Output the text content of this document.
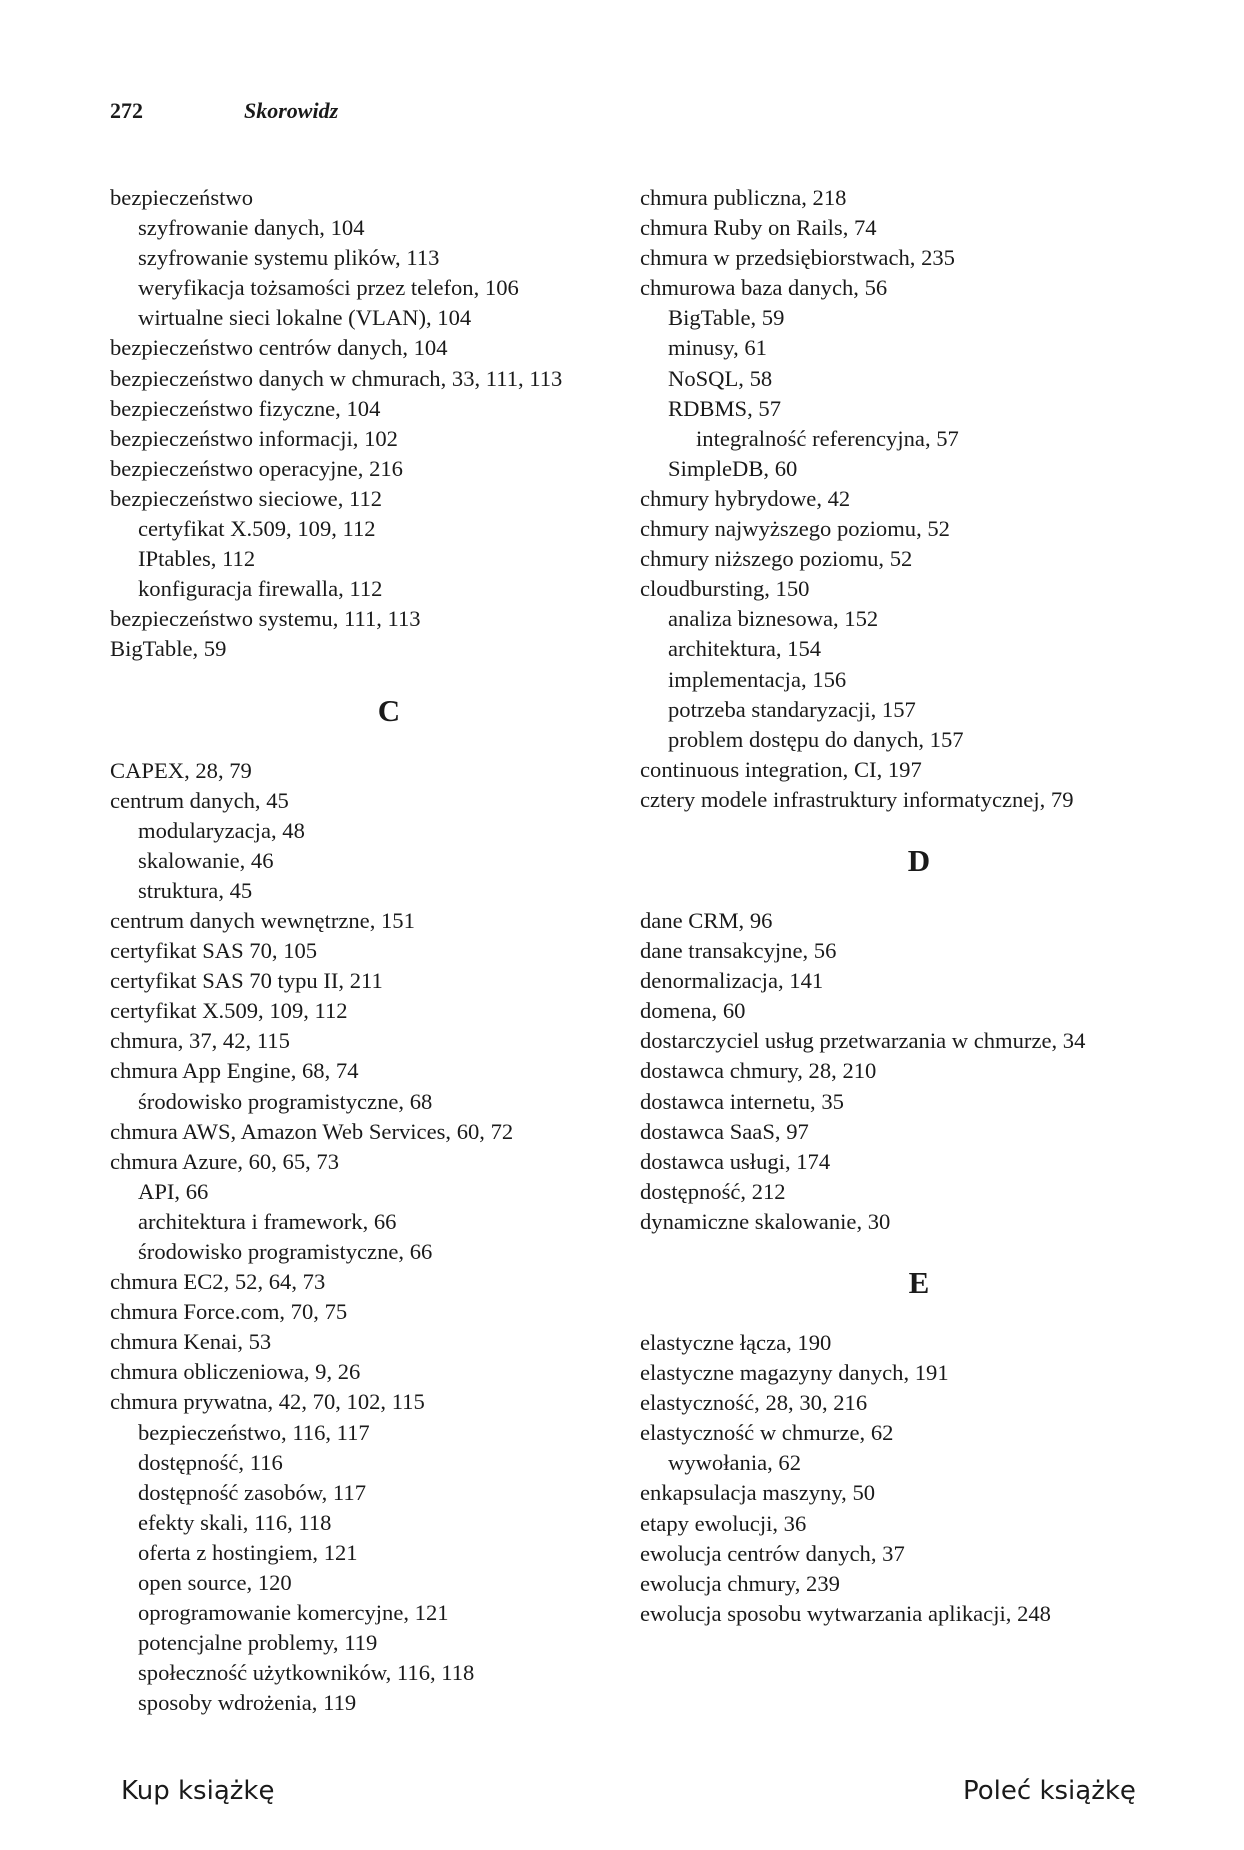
272	Skorowidz
bezpieczeństwo
szyfrowanie danych, 104
szyfrowanie systemu plików, 113
weryfikacja tożsamości przez telefon, 106
wirtualne sieci lokalne (VLAN), 104
bezpieczeństwo centrów danych, 104
bezpieczeństwo danych w chmurach, 33, 111, 113
bezpieczeństwo fizyczne, 104
bezpieczeństwo informacji, 102
bezpieczeństwo operacyjne, 216
bezpieczeństwo sieciowe, 112
certyfikat X.509, 109, 112
IPtables, 112
konfiguracja firewalla, 112
bezpieczeństwo systemu, 111, 113
BigTable, 59
C
CAPEX, 28, 79
centrum danych, 45
modularyzacja, 48
skalowanie, 46
struktura, 45
centrum danych wewnętrzne, 151
certyfikat SAS 70, 105
certyfikat SAS 70 typu II, 211
certyfikat X.509, 109, 112
chmura, 37, 42, 115
chmura App Engine, 68, 74
środowisko programistyczne, 68
chmura AWS, Amazon Web Services, 60, 72
chmura Azure, 60, 65, 73
API, 66
architektura i framework, 66
środowisko programistyczne, 66
chmura EC2, 52, 64, 73
chmura Force.com, 70, 75
chmura Kenai, 53
chmura obliczeniowa, 9, 26
chmura prywatna, 42, 70, 102, 115
bezpieczeństwo, 116, 117
dostępność, 116
dostępność zasobów, 117
efekty skali, 116, 118
oferta z hostingiem, 121
open source, 120
oprogramowanie komercyjne, 121
potencjalne problemy, 119
społeczność użytkowników, 116, 118
sposoby wdrożenia, 119
chmura publiczna, 218
chmura Ruby on Rails, 74
chmura w przedsiębiorstwach, 235
chmurowa baza danych, 56
BigTable, 59
minusy, 61
NoSQL, 58
RDBMS, 57
integralność referencyjna, 57
SimpleDB, 60
chmury hybrydowe, 42
chmury najwyższego poziomu, 52
chmury niższego poziomu, 52
cloudbursting, 150
analiza biznesowa, 152
architektura, 154
implementacja, 156
potrzeba standaryzacji, 157
problem dostępu do danych, 157
continuous integration, CI, 197
cztery modele infrastruktury informatycznej, 79
D
dane CRM, 96
dane transakcyjne, 56
denormalizacja, 141
domena, 60
dostarczyciel usług przetwarzania w chmurze, 34
dostawca chmury, 28, 210
dostawca internetu, 35
dostawca SaaS, 97
dostawca usługi, 174
dostępność, 212
dynamiczne skalowanie, 30
E
elastyczne łącza, 190
elastyczne magazyny danych, 191
elastyczność, 28, 30, 216
elastyczność w chmurze, 62
wywołania, 62
enkapsulacja maszyny, 50
etapy ewolucji, 36
ewolucja centrów danych, 37
ewolucja chmury, 239
ewolucja sposobu wytwarzania aplikacji, 248
Kup książkę	Poleć książkę
